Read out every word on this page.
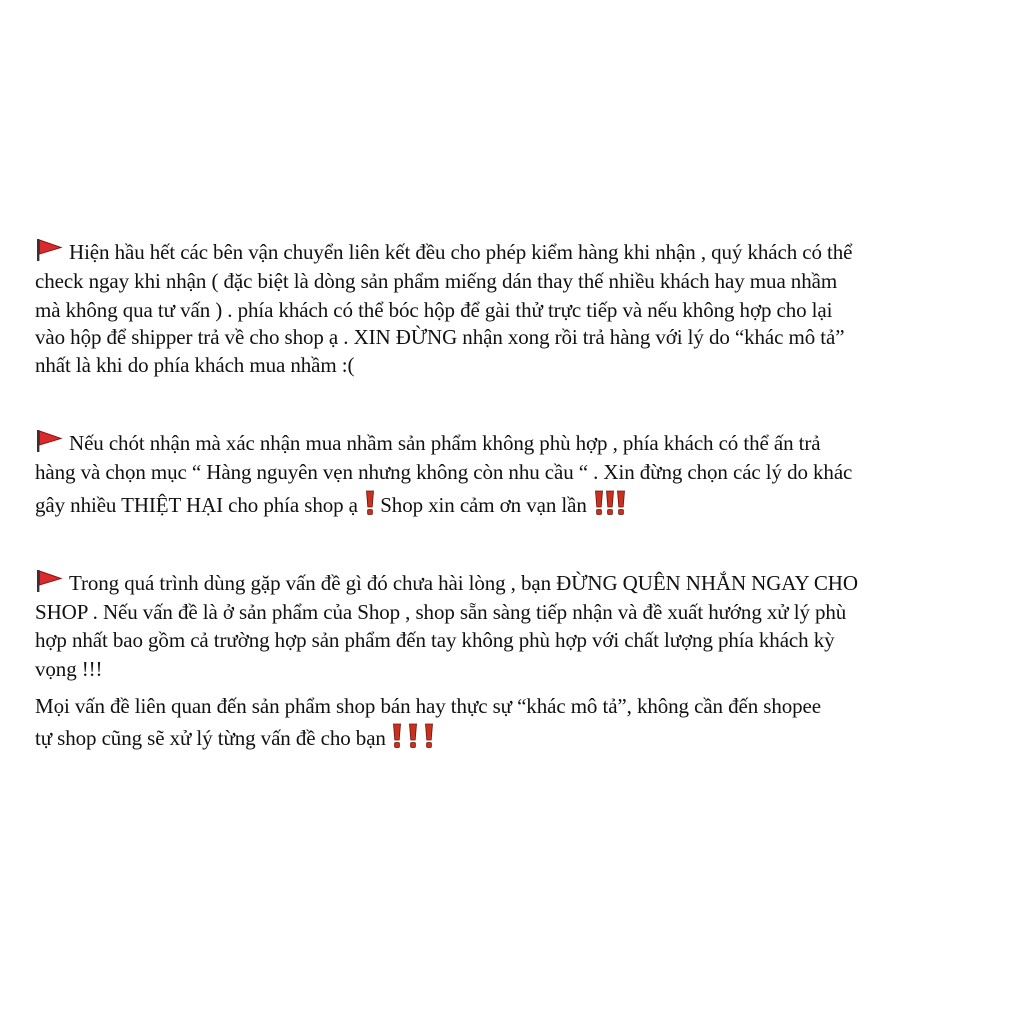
Hiện hầu hết các bên vận chuyển liên kết đều cho phép kiểm hàng khi nhận , quý khách có thể
check ngay khi nhận ( đặc biệt là dòng sản phẩm miếng dán thay thế nhiều khách hay mua nhầm
mà không qua tư vấn ) . phía khách có thể bóc hộp để gài thử trực tiếp và nếu không hợp cho lại
vào hộp để shipper trả về cho shop ạ . XIN ĐỪNG nhận xong rồi trả hàng với lý do “khác mô tả”
nhất là khi do phía khách mua nhầm :(
Nếu chót nhận mà xác nhận mua nhầm sản phẩm không phù hợp , phía khách có thể ấn trả
hàng và chọn mục “ Hàng nguyên vẹn nhưng không còn nhu cầu “ . Xin đừng chọn các lý do khác
gây nhiều THIỆT HẠI cho phía shop ạ Shop xin cảm ơn vạn lần
Trong quá trình dùng gặp vấn đề gì đó chưa hài lòng , bạn ĐỪNG QUÊN NHẮN NGAY CHO
SHOP . Nếu vấn đề là ở sản phẩm của Shop , shop sẵn sàng tiếp nhận và đề xuất hướng xử lý phù
hợp nhất bao gồm cả trường hợp sản phẩm đến tay không phù hợp với chất lượng phía khách kỳ
vọng !!!
Mọi vấn đề liên quan đến sản phẩm shop bán hay thực sự “khác mô tả”, không cần đến shopee
tự shop cũng sẽ xử lý từng vấn đề cho bạn
